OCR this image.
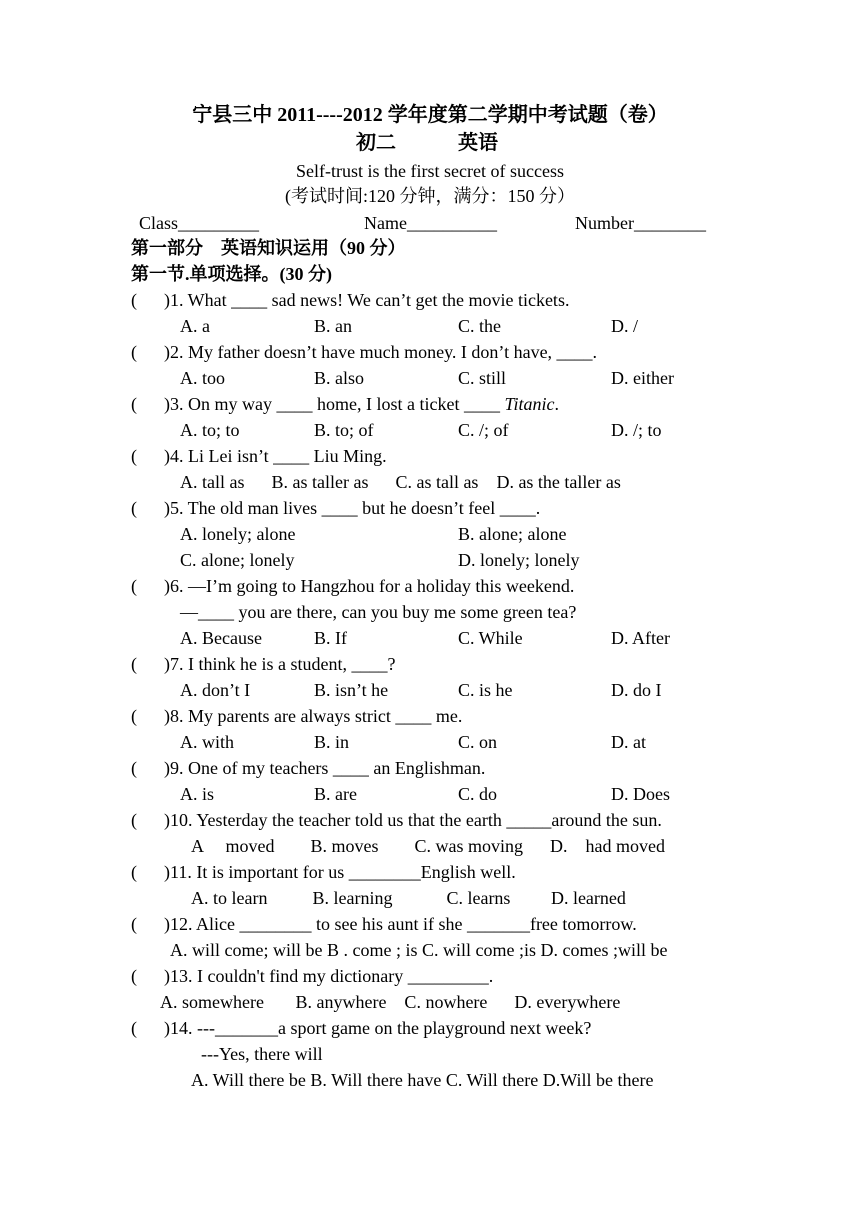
宁县三中 2011----2012 学年度第二学期中考试题（卷）
初二	英语
Self-trust is the first secret of success
(考试时间:120 分钟，满分：150 分）
Class_________	Name__________	Number________
第一部分　英语知识运用（90 分）
第一节.单项选择。(30 分)
(      )1. What ____ sad news! We can’t get the movie tickets.
A. a	B. an	C. the	D. /
(      )2. My father doesn’t have much money. I don’t have, ____.
A. too	B. also	C. still	D. either
(      )3. On my way ____ home, I lost a ticket ____ Titanic.
A. to; to	B. to; of	C. /; of	D. /; to
(      )4. Li Lei isn’t ____ Liu Ming.
A. tall as      B. as taller as      C. as tall as    D. as the taller as
(      )5. The old man lives ____ but he doesn’t feel ____.
A. lonely; alone	B. alone; alone
C. alone; lonely	D. lonely; lonely
(      )6. —I’m going to Hangzhou for a holiday this weekend.
—____ you are there, can you buy me some green tea?
A. Because	B. If	C. While	D. After
(      )7. I think he is a student, ____?
A. don’t I	B. isn’t he	C. is he	D. do I
(      )8. My parents are always strict ____ me.
A. with	B. in	C. on	D. at
(      )9. One of my teachers ____ an Englishman.
A. is	B. are	C. do	D. Does
(      )10. Yesterday the teacher told us that the earth _____around the sun.
A     moved        B. moves        C. was moving      D.    had moved
(      )11. It is important for us ________English well.
A. to learn          B. learning            C. learns         D. learned
(      )12. Alice ________ to see his aunt if she _______free tomorrow.
A. will come; will be B . come ; is C. will come ;is D. comes ;will be
(      )13. I couldn't find my dictionary _________.
A. somewhere       B. anywhere    C. nowhere      D. everywhere
(      )14. ---_______a sport game on the playground next week?
---Yes, there will
A. Will there be B. Will there have C. Will there D.Will be there
